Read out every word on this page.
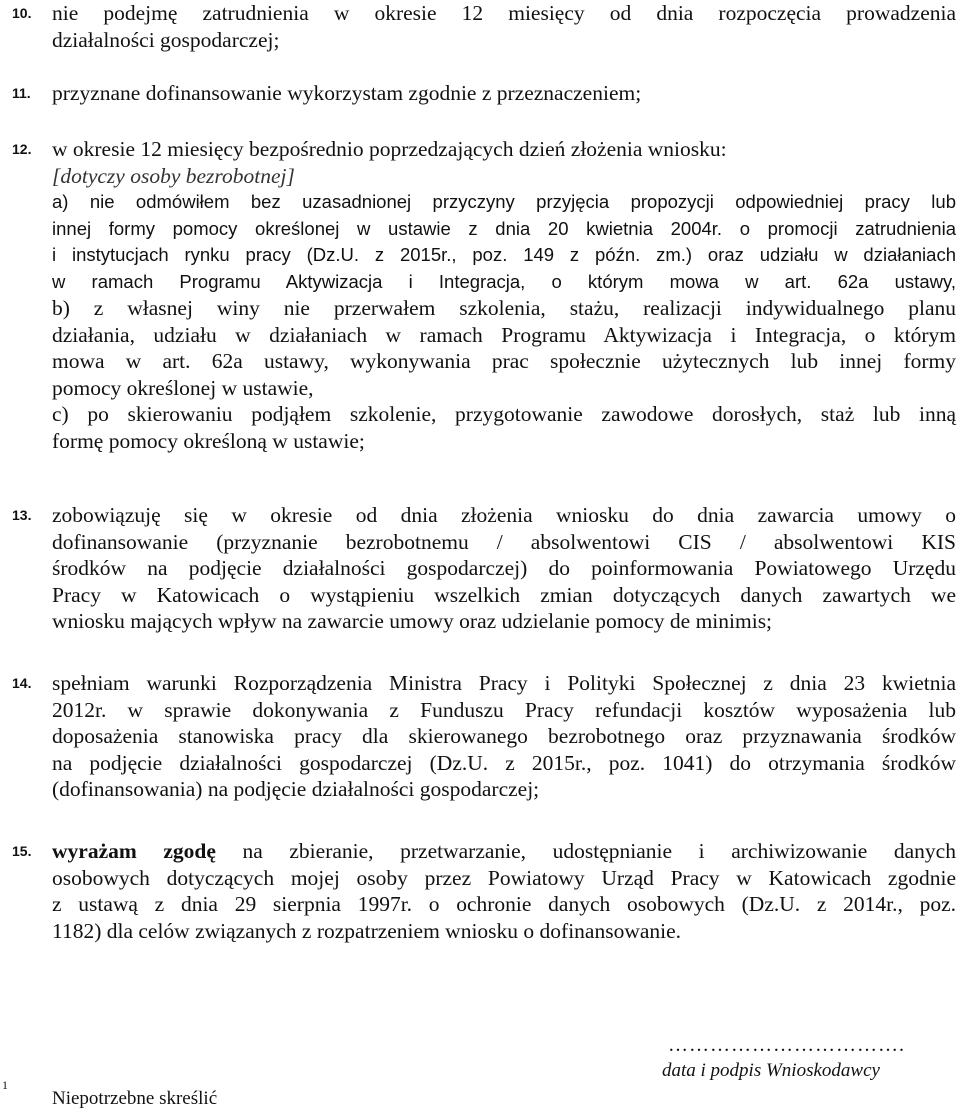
10. nie podejmę zatrudnienia w okresie 12 miesięcy od dnia rozpoczęcia prowadzenia
działalności gospodarczej;
11. przyznane dofinansowanie wykorzystam zgodnie z przeznaczeniem;
12. w okresie 12 miesięcy bezpośrednio poprzedzających dzień złożenia wniosku:
[dotyczy osoby bezrobotnej]
a) nie odmówiłem bez uzasadnionej przyczyny przyjęcia propozycji odpowiedniej pracy lub
innej formy pomocy określonej w ustawie z dnia 20 kwietnia 2004r. o promocji zatrudnienia
i instytucjach rynku pracy (Dz.U. z 2015r., poz. 149 z późn. zm.) oraz udziału w działaniach
w ramach Programu Aktywizacja i Integracja, o którym mowa w art. 62a ustawy,
b) z własnej winy nie przerwałem szkolenia, stażu, realizacji indywidualnego planu
działania, udziału w działaniach w ramach Programu Aktywizacja i Integracja, o którym
mowa w art. 62a ustawy, wykonywania prac społecznie użytecznych lub innej formy
pomocy określonej w ustawie,
c) po skierowaniu podjąłem szkolenie, przygotowanie zawodowe dorosłych, staż lub inną
formę pomocy określoną w ustawie;
13. zobowiązuję się w okresie od dnia złożenia wniosku do dnia zawarcia umowy o
dofinansowanie (przyznanie bezrobotnemu / absolwentowi CIS / absolwentowi KIS
środków na podjęcie działalności gospodarczej) do poinformowania Powiatowego Urzędu
Pracy w Katowicach o wystąpieniu wszelkich zmian dotyczących danych zawartych we
wniosku mających wpływ na zawarcie umowy oraz udzielanie pomocy de minimis;
14. spełniam warunki Rozporządzenia Ministra Pracy i Polityki Społecznej z dnia 23 kwietnia
2012r. w sprawie dokonywania z Funduszu Pracy refundacji kosztów wyposażenia lub
doposażenia stanowiska pracy dla skierowanego bezrobotnego oraz przyznawania środków
na podjęcie działalności gospodarczej (Dz.U. z 2015r., poz. 1041) do otrzymania środków
(dofinansowania) na podjęcie działalności gospodarczej;
15. wyrażam zgodę na zbieranie, przetwarzanie, udostępnianie i archiwizowanie danych
osobowych dotyczących mojej osoby przez Powiatowy Urząd Pracy w Katowicach zgodnie
z ustawą z dnia 29 sierpnia 1997r. o ochronie danych osobowych (Dz.U. z 2014r., poz.
1182) dla celów związanych z rozpatrzeniem wniosku o dofinansowanie.
…………………………….
data i podpis Wnioskodawcy
1
Niepotrzebne skreślić
